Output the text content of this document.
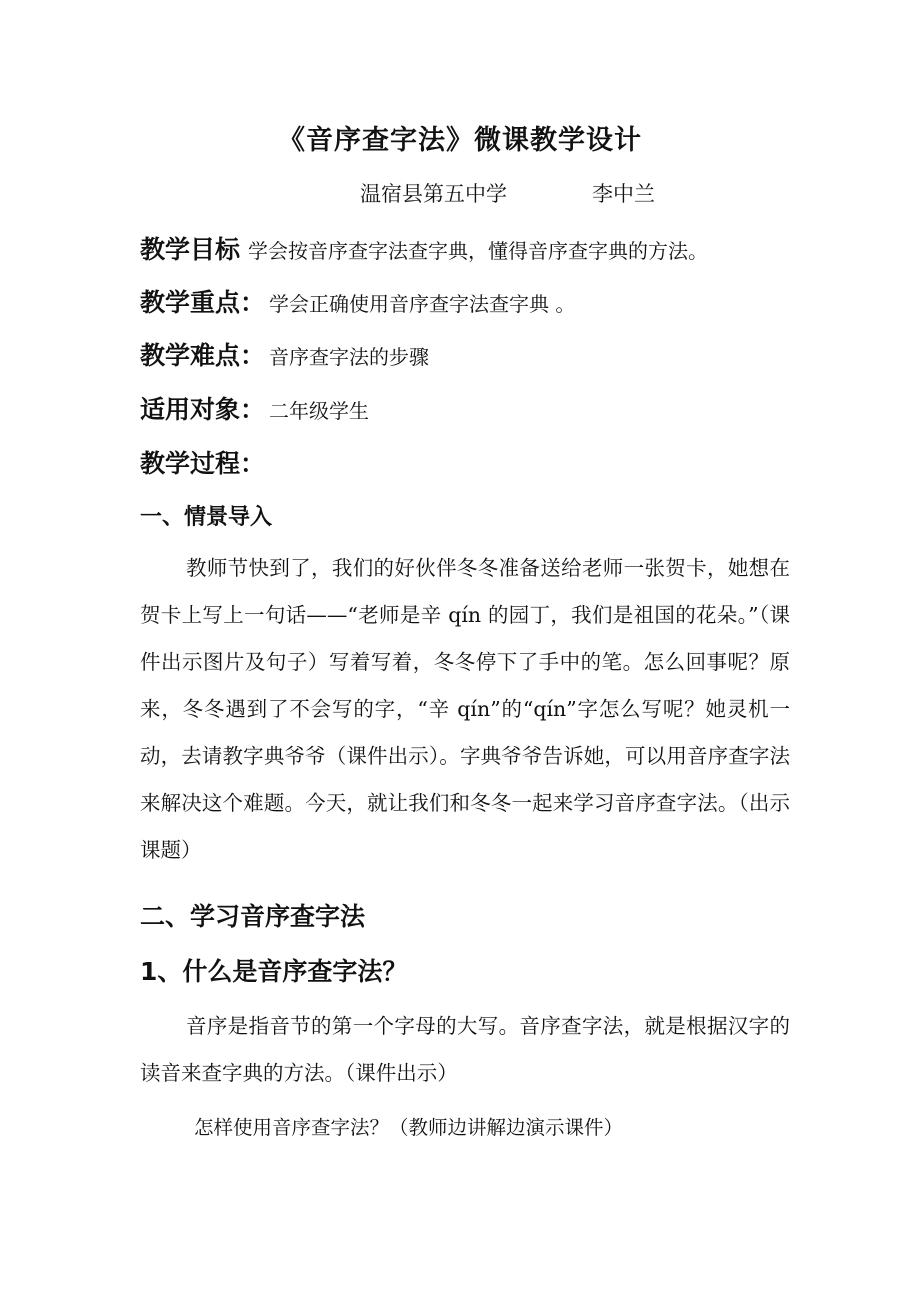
《音序查字法》微课教学设计
温宿县第五中学	李中兰
教学目标 学会按音序查字法查字典，懂得音序查字典的方法。
教学重点： 学会正确使用音序查字法查字典 。
教学难点： 音序查字法的步骤
适用对象： 二年级学生
教学过程：
一、情景导入
教师节快到了，我们的好伙伴冬冬准备送给老师一张贺卡，她想在贺卡上写上一句话——“老师是辛 qín 的园丁，我们是祖国的花朵。”（课件出示图片及句子）写着写着，冬冬停下了手中的笔。怎么回事呢？原来，冬冬遇到了不会写的字，“辛 qín”的“qín”字怎么写呢？她灵机一动，去请教字典爷爷（课件出示）。字典爷爷告诉她，可以用音序查字法来解决这个难题。今天，就让我们和冬冬一起来学习音序查字法。（出示课题）
二、学习音序查字法
1、什么是音序查字法？
音序是指音节的第一个字母的大写。音序查字法，就是根据汉字的读音来查字典的方法。（课件出示）
怎样使用音序查字法？（教师边讲解边演示课件）
